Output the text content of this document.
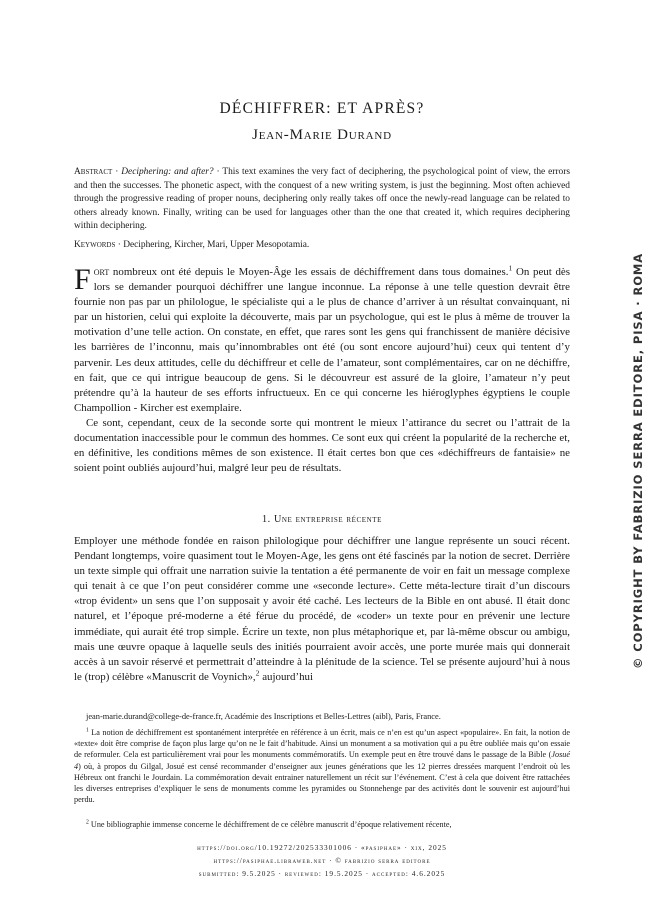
DÉCHIFFRER: ET APRÈS?
Jean-Marie Durand
Abstract · Deciphering: and after? · This text examines the very fact of deciphering, the psychological point of view, the errors and then the successes. The phonetic aspect, with the conquest of a new writing system, is just the beginning. Most often achieved through the progressive reading of proper nouns, deciphering only really takes off once the newly-read language can be related to others already known. Finally, writing can be used for languages other than the one that created it, which requires deciphering within deciphering.
Keywords · Deciphering, Kircher, Mari, Upper Mesopotamia.

Fort nombreux ont été depuis le Moyen-Âge les essais de déchiffrement dans tous domaines.$^1$ On peut dès lors se demander pourquoi déchiffrer une langue inconnue. La réponse à une telle question devrait être fournie non pas par un philologue, le spécialiste qui a le plus de chance d’arriver à un résultat convainquant, ni par un historien, celui qui exploite la découverte, mais par un psychologue, qui est le plus à même de trouver la motivation d’une telle action. On constate, en effet, que rares sont les gens qui franchissent de manière décisive les barrières de l’inconnu, mais qu’innombrables ont été (ou sont encore aujourd’hui) ceux qui tentent d’y parvenir. Les deux attitudes, celle du déchiffreur et celle de l’amateur, sont complémentaires, car on ne déchiffre, en fait, que ce qui intrigue beaucoup de gens. Si le découvreur est assuré de la gloire, l’amateur n’y peut prétendre qu’à la hauteur de ses efforts infructueux. En ce qui concerne les hiéroglyphes égyptiens le couple Champollion - Kircher est exemplaire.

Ce sont, cependant, ceux de la seconde sorte qui montrent le mieux l’attirance du secret ou l’attrait de la documentation inaccessible pour le commun des hommes. Ce sont eux qui créent la popularité de la recherche et, en définitive, les conditions mêmes de son existence. Il était certes bon que ces «déchiffreurs de fantaisie» ne soient point oubliés aujourd’hui, malgré leur peu de résultats.

1. Une entreprise récente

Employer une méthode fondée en raison philologique pour déchiffrer une langue représente un souci récent. Pendant longtemps, voire quasiment tout le Moyen-Age, les gens ont été fascinés par la notion de secret. Derrière un texte simple qui offrait une narration suivie la tentation a été permanente de voir en fait un message complexe qui tenait à ce que l’on peut considérer comme une «seconde lecture». Cette méta-lecture tirait d’un discours «trop évident» un sens que l’on supposait y avoir été caché. Les lecteurs de la Bible en ont abusé. Il était donc naturel, et l’époque pré-moderne a été férue du procédé, de «coder» un texte pour en prévenir une lecture immédiate, qui aurait été trop simple. Écrire un texte, non plus métaphorique et, par là-même obscur ou ambigu, mais une œuvre opaque à laquelle seuls des initiés pourraient avoir accès, une porte murée mais qui donnerait accès à un savoir réservé et permettrait d’atteindre à la plénitude de la science. Tel se présente aujourd’hui à nous le (trop) célèbre «Manuscrit de Voynich»,$^2$ aujourd’hui

jean-marie.durand@college-de-france.fr, Académie des Inscriptions et Belles-Lettres (aibl), Paris, France.

$^1$ La notion de déchiffrement est spontanément interprétée en référence à un écrit, mais ce n’en est qu’un aspect «populaire». En fait, la notion de «texte» doit être comprise de façon plus large qu’on ne le fait d’habitude. Ainsi un monument a sa motivation qui a pu être oubliée mais qu’on essaie de reformuler. Cela est particulièrement vrai pour les monuments commémoratifs. Un exemple peut en être trouvé dans le passage de la Bible (Josué 4) où, à propos du Gilgal, Josué est censé recommander d’enseigner aux jeunes générations que les 12 pierres dressées marquent l’endroit où les Hébreux ont franchi le Jourdain. La commémoration devait entrainer naturellement un récit sur l’événement. C’est à cela que doivent être rattachées les diverses entreprises d’expliquer le sens de monuments comme les pyramides ou Stonnehenge par des activités dont le souvenir est aujourd’hui perdu.

$^2$ Une bibliographie immense concerne le déchiffrement de ce célèbre manuscrit d’époque relativement récente,

https://doi.org/10.19272/202533301006 · «pasiphae» · xix, 2025
https://pasiphae.libraweb.net · © fabrizio serra editore
submitted: 9.5.2025 · reviewed: 19.5.2025 · accepted: 4.6.2025
© COPYRIGHT BY FABRIZIO SERRA EDITORE, PISA · ROMA
